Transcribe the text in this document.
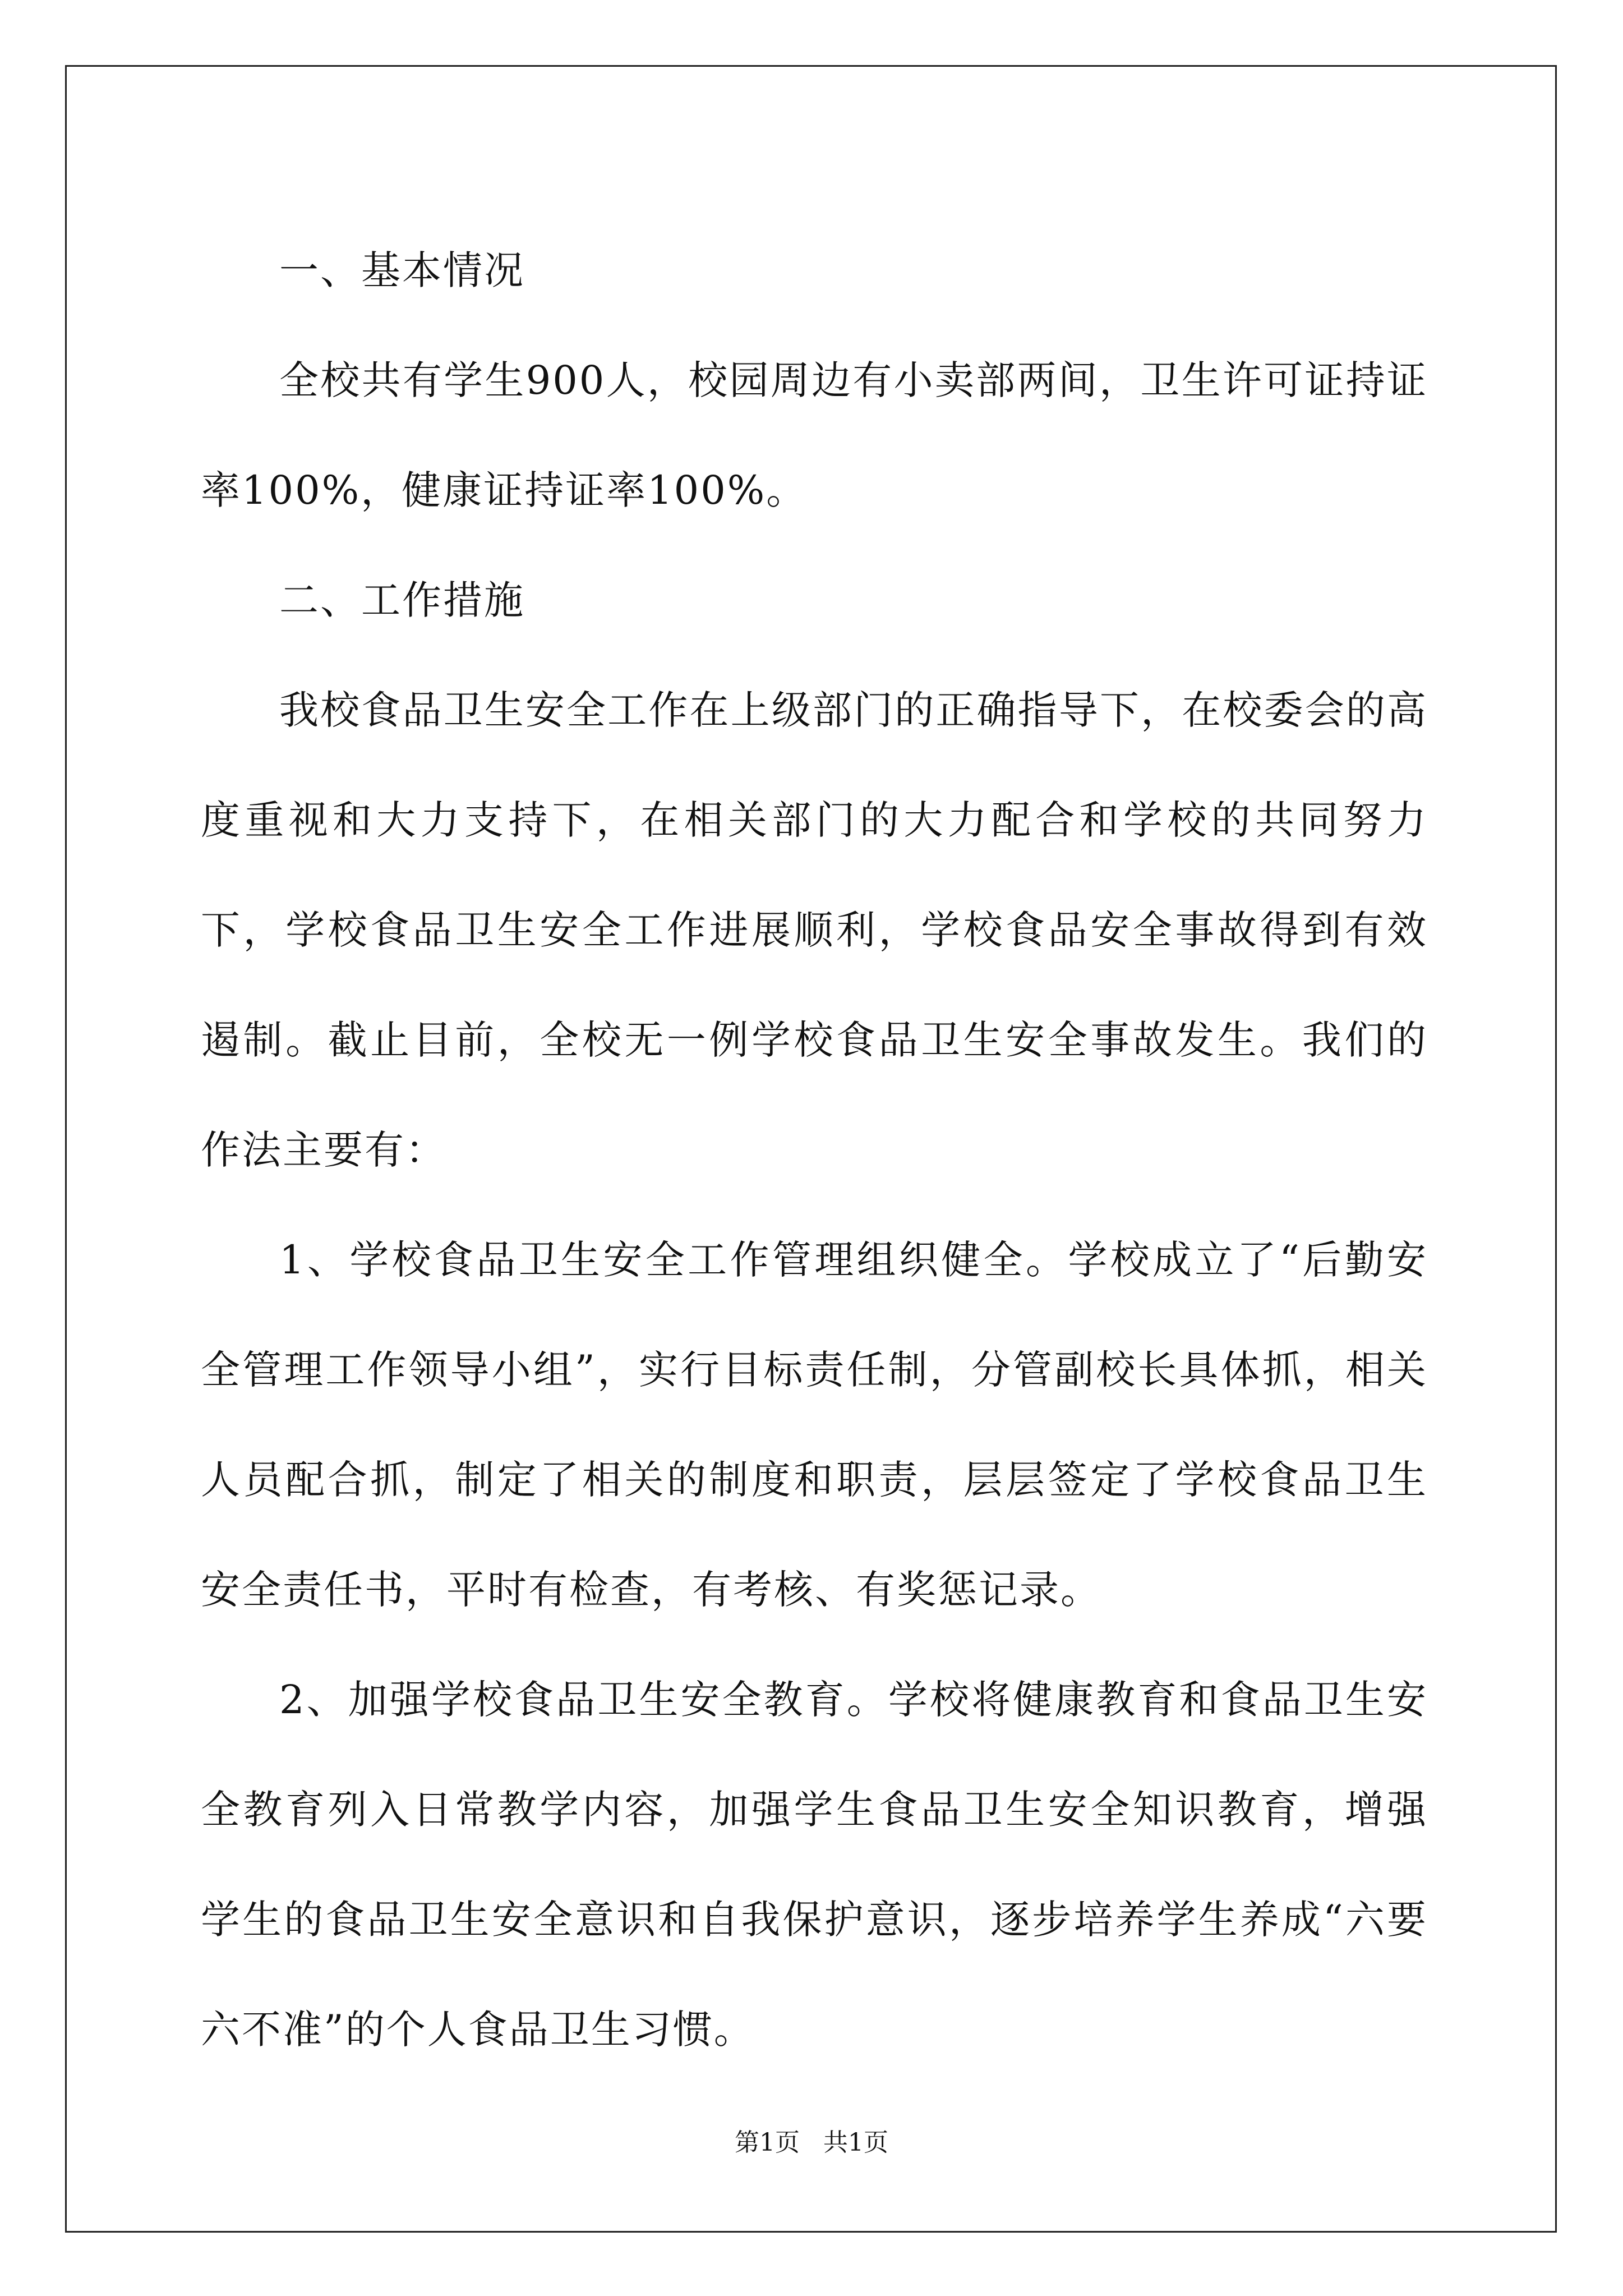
一、基本情况

全校共有学生900人，校园周边有小卖部两间，卫生许可证持证率100%，健康证持证率100%。

二、工作措施

我校食品卫生安全工作在上级部门的正确指导下，在校委会的高度重视和大力支持下，在相关部门的大力配合和学校的共同努力下，学校食品卫生安全工作进展顺利，学校食品安全事故得到有效遏制。截止目前，全校无一例学校食品卫生安全事故发生。我们的作法主要有：

1、学校食品卫生安全工作管理组织健全。学校成立了“后勤安全管理工作领导小组”，实行目标责任制，分管副校长具体抓，相关人员配合抓，制定了相关的制度和职责，层层签定了学校食品卫生安全责任书，平时有检查，有考核、有奖惩记录。

2、加强学校食品卫生安全教育。学校将健康教育和食品卫生安全教育列入日常教学内容，加强学生食品卫生安全知识教育，增强学生的食品卫生安全意识和自我保护意识，逐步培养学生养成“六要六不准”的个人食品卫生习惯。

第1页   共1页
